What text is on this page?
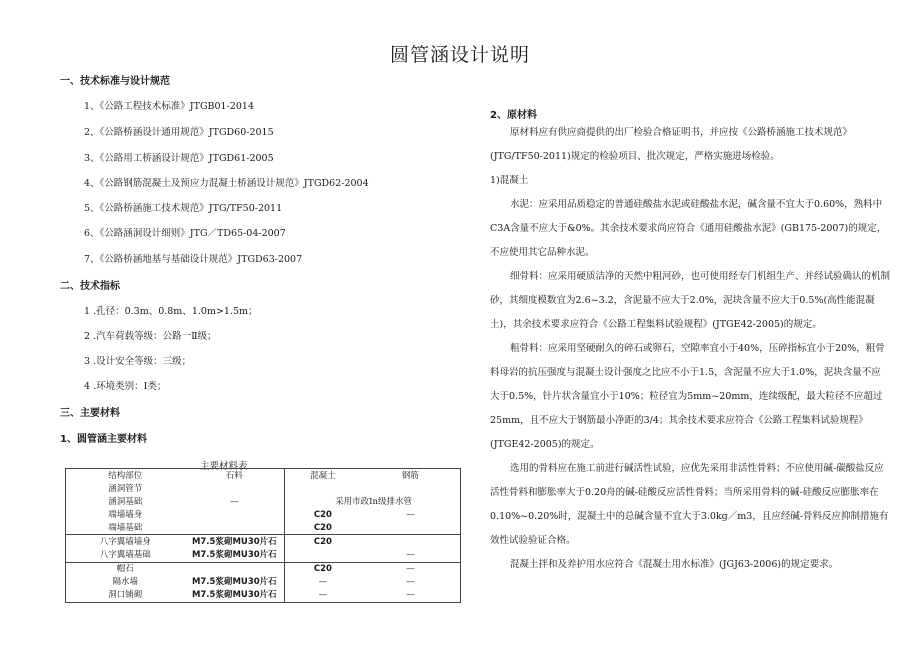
圆管涵设计说明
一、技术标准与设计规范
1、《公路工程技术标准》JTGB01-2014
2、《公路桥涵设计通用规范》JTGD60-2015
3、《公路用工桥涵设计规范》JTGD61-2005
4、《公路钢筋混凝土及预应力混凝土桥涵设计规范》JTGD62-2004
5、《公路桥涵施工技术规范》JTG/TF50-2011
6、《公路涵洞设计细则》JTG／TD65-04-2007
7、《公路桥涵地基与基础设计规范》JTGD63-2007
二、技术指标
1 .孔径：0.3m、0.8m、1.0m>1.5m；
2 .汽车荷载等级：公路一Ⅱ级；
3 .设计安全等级：三级；
4 .环境类别：Ⅰ类；
三、主要材料
1、圆管涵主要材料
主要材料表
结构部位	石料	混凝土	钢筋
涵洞管节			
涵洞基础	—	采用市政In级排水管	
端墙墙身		C20	—
端墙基础		C20	
八字翼墙墙身	M7.5浆砌MU30片石	C20	
八字翼墙基础	M7.5浆砌MU30片石		—
帽石		C20	—
隔水墙	M7.5浆砌MU30片石	—	—
洞口铺砌	M7.5浆砌MU30片石	—	—
2、原材料

原材料应有供应商提供的出厂检验合格证明书，并应按《公路桥涵施工技术规范》(JTG/TF50-2011)规定的检验项目、批次规定，严格实施进场检验。

1)混凝土

水泥：应采用品质稳定的普通硅酸盐水泥或硅酸盐水泥，碱含量不宜大于0.60%，熟料中C3A含量不应大于&0%。其余技术要求尚应符合《通用硅酸盐水泥》(GB175-2007)的规定，不应使用其它品种水泥。

细骨料：应采用硬质洁净的天然中粗河砂，也可使用经专门机组生产、并经试验确认的机制砂，其细度模数宜为2.6~3.2，含泥量不应大于2.0%，泥块含量不应大于0.5%(高性能混凝土)，其余技术要求应符合《公路工程集料试验规程》(JTGE42-2005)的规定。

粗骨料：应采用坚硬耐久的碎石或卵石，空隙率宜小于40%，压碎指标宜小于20%，粗骨料母岩的抗压强度与混凝土设计强度之比应不小于1.5，含泥量不应大于1.0%，泥块含量不应大于0.5%，针片状含量宜小于10%；粒径宜为5mm~20mm，连续级配，最大粒径不应超过25mm，且不应大于钢筋最小净距的3/4；其余技术要求应符合《公路工程集料试验规程》(JTGE42-2005)的规定。

选用的骨料应在施工前进行碱活性试验，应优先采用非活性骨料；不应使用碱-碳酸盐反应活性骨料和膨胀率大于0.20舟的碱-硅酸反应活性骨料；当所采用骨料的碱-硅酸反应膨胀率在0.10%~0.20%时，混凝土中的总碱含量不宜大于3.0kg／m3，且应经碱-骨料反应抑制措施有效性试验验证合格。

混凝土拌和及养护用水应符合《混凝土用水标准》(JGJ63-2006)的规定要求。
